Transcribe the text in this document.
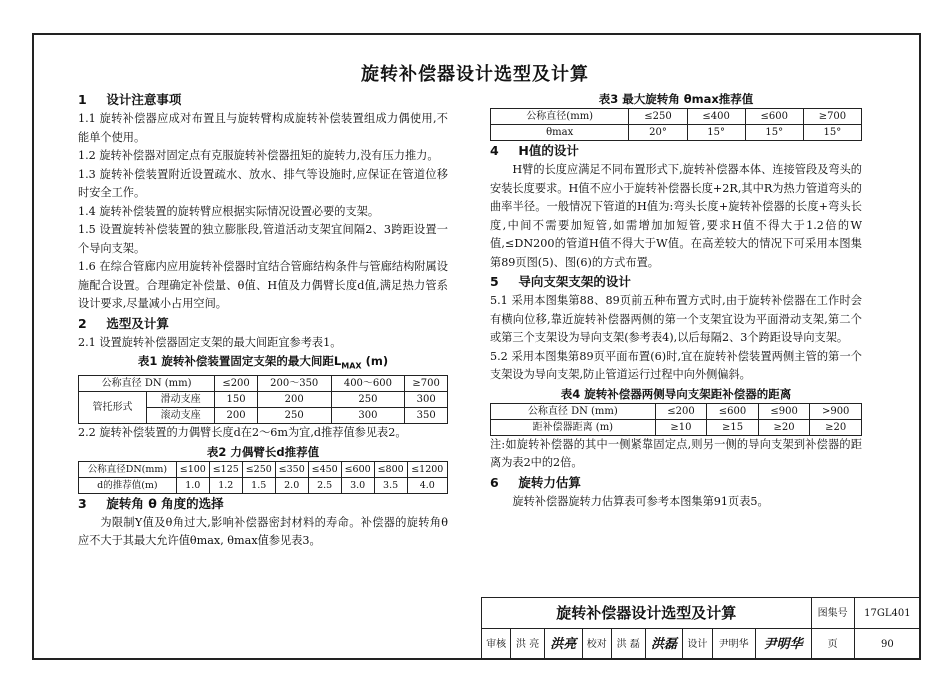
旋转补偿器设计选型及计算
1 设计注意事项

1.1 旋转补偿器应成对布置且与旋转臂构成旋转补偿装置组成力偶使用,不能单个使用。

1.2 旋转补偿器对固定点有克服旋转补偿器扭矩的旋转力,没有压力推力。

1.3 旋转补偿装置附近设置疏水、放水、排气等设施时,应保证在管道位移时安全工作。

1.4 旋转补偿装置的旋转臂应根据实际情况设置必要的支架。

1.5 设置旋转补偿装置的独立膨胀段,管道活动支架宜间隔2、3跨距设置一个导向支架。

1.6 在综合管廊内应用旋转补偿器时宜结合管廊结构条件与管廊结构附属设施配合设置。合理确定补偿量、θ值、H值及力偶臂长度d值,满足热力管系设计要求,尽量减小占用空间。

2 选型及计算

2.1 设置旋转补偿器固定支架的最大间距宜参考表1。

表1 旋转补偿装置固定支架的最大间距$L_{MAX}$ (m)
公称直径 DN (mm)		≤200	200～350	400～600	≥700
管托形式	滑动支座	150	200	250	300
	滚动支座	200	250	300	350

2.2 旋转补偿装置的力偶臂长度d在2～6m为宜,d推荐值参见表2。

表2 力偶臂长d推荐值
公称直径DN(mm)	≤100	≤125	≤250	≤350	≤450	≤600	≤800	≤1200
d的推荐值(m)	1.0	1.2	1.5	2.0	2.5	3.0	3.5	4.0
3 旋转角 θ 角度的选择

为限制Y值及θ角过大,影响补偿器密封材料的寿命。补偿器的旋转角θ应不大于其最大允许值θmax, θmax值参见表3。

表3 最大旋转角 θmax推荐值
公称直径(mm)	≤250	≤400	≤600	≥700
θmax	20°	15°	15°	15°
4 H值的设计

H臂的长度应满足不同布置形式下,旋转补偿器本体、连接管段及弯头的安装长度要求。H值不应小于旋转补偿器长度+2R,其中R为热力管道弯头的曲率半径。一般情况下管道的H值为:弯头长度+旋转补偿器的长度+弯头长度,中间不需要加短管,如需增加加短管,要求H值不得大于1.2倍的W值,≤DN200的管道H值不得大于W值。在高差较大的情况下可采用本图集第89页图(5)、图(6)的方式布置。

5 导向支架支架的设计

5.1 采用本图集第88、89页前五种布置方式时,由于旋转补偿器在工作时会有横向位移,靠近旋转补偿器两侧的第一个支架宜设为平面滑动支架,第二个或第三个支架设为导向支架(参考表4),以后每隔2、3个跨距设导向支架。

5.2 采用本图集第89页平面布置(6)时,宜在旋转补偿装置两侧主管的第一个支架设为导向支架,防止管道运行过程中向外侧偏斜。

表4 旋转补偿器两侧导向支架距补偿器的距离
公称直径 DN (mm)	≤200	≤600	≤900	>900
距补偿器距离 (m)	≥10	≥15	≥20	≥20

注:如旋转补偿器的其中一侧紧靠固定点,则另一侧的导向支架到补偿器的距离为表2中的2倍。

6 旋转力估算

旋转补偿器旋转力估算表可参考本图集第91页表5。

旋转补偿器设计选型及计算									图集号	17GL401
审核	洪 亮	洪亮	校对	洪 磊	洪磊	设计	尹明华	尹明华	页	90
